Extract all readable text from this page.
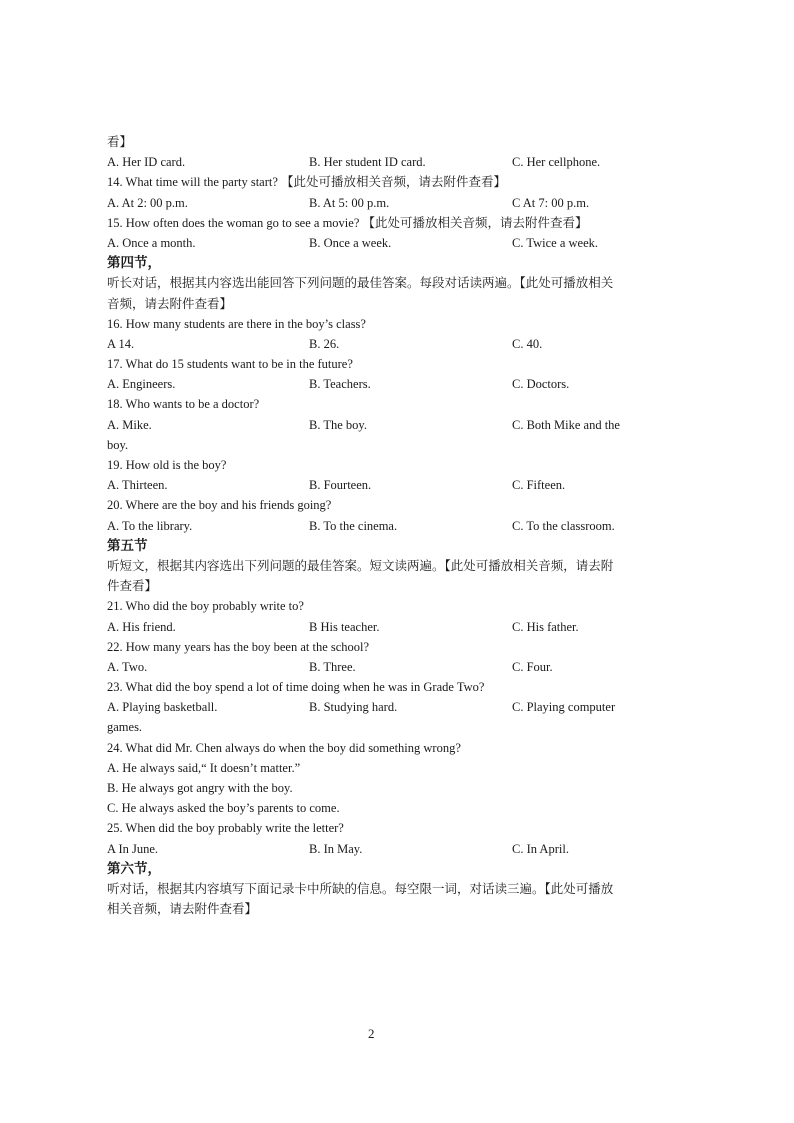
看】
A. Her ID card.	B. Her student ID card.	C. Her cellphone.
14. What time will the party start? 【此处可播放相关音频，请去附件查看】
A. At 2: 00 p.m.	B. At 5: 00 p.m.	C At 7: 00 p.m.
15. How often does the woman go to see a movie? 【此处可播放相关音频，请去附件查看】
A. Once a month.	B. Once a week.	C. Twice a week.
第四节，
听长对话，根据其内容选出能回答下列问题的最佳答案。每段对话读两遍。【此处可播放相关
音频，请去附件查看】
16. How many students are there in the boy’s class?
A 14.	B. 26.	C. 40.
17. What do 15 students want to be in the future?
A. Engineers.	B. Teachers.	C. Doctors.
18. Who wants to be a doctor?
A. Mike.	B. The boy.	C. Both Mike and the
boy.
19. How old is the boy?
A. Thirteen.	B. Fourteen.	C. Fifteen.
20. Where are the boy and his friends going?
A. To the library.	B. To the cinema.	C. To the classroom.
第五节
听短文，根据其内容选出下列问题的最佳答案。短文读两遍。【此处可播放相关音频，请去附
件查看】
21. Who did the boy probably write to?
A. His friend.	B His teacher.	C. His father.
22. How many years has the boy been at the school?
A. Two.	B. Three.	C. Four.
23. What did the boy spend a lot of time doing when he was in Grade Two?
A. Playing basketball.	B. Studying hard.	C. Playing computer
games.
24. What did Mr. Chen always do when the boy did something wrong?
A. He always said,“ It doesn’t matter.”
B. He always got angry with the boy.
C. He always asked the boy’s parents to come.
25. When did the boy probably write the letter?
A In June.	B. In May.	C. In April.
第六节，
听对话，根据其内容填写下面记录卡中所缺的信息。每空限一词，对话读三遍。【此处可播放
相关音频，请去附件查看】
2
